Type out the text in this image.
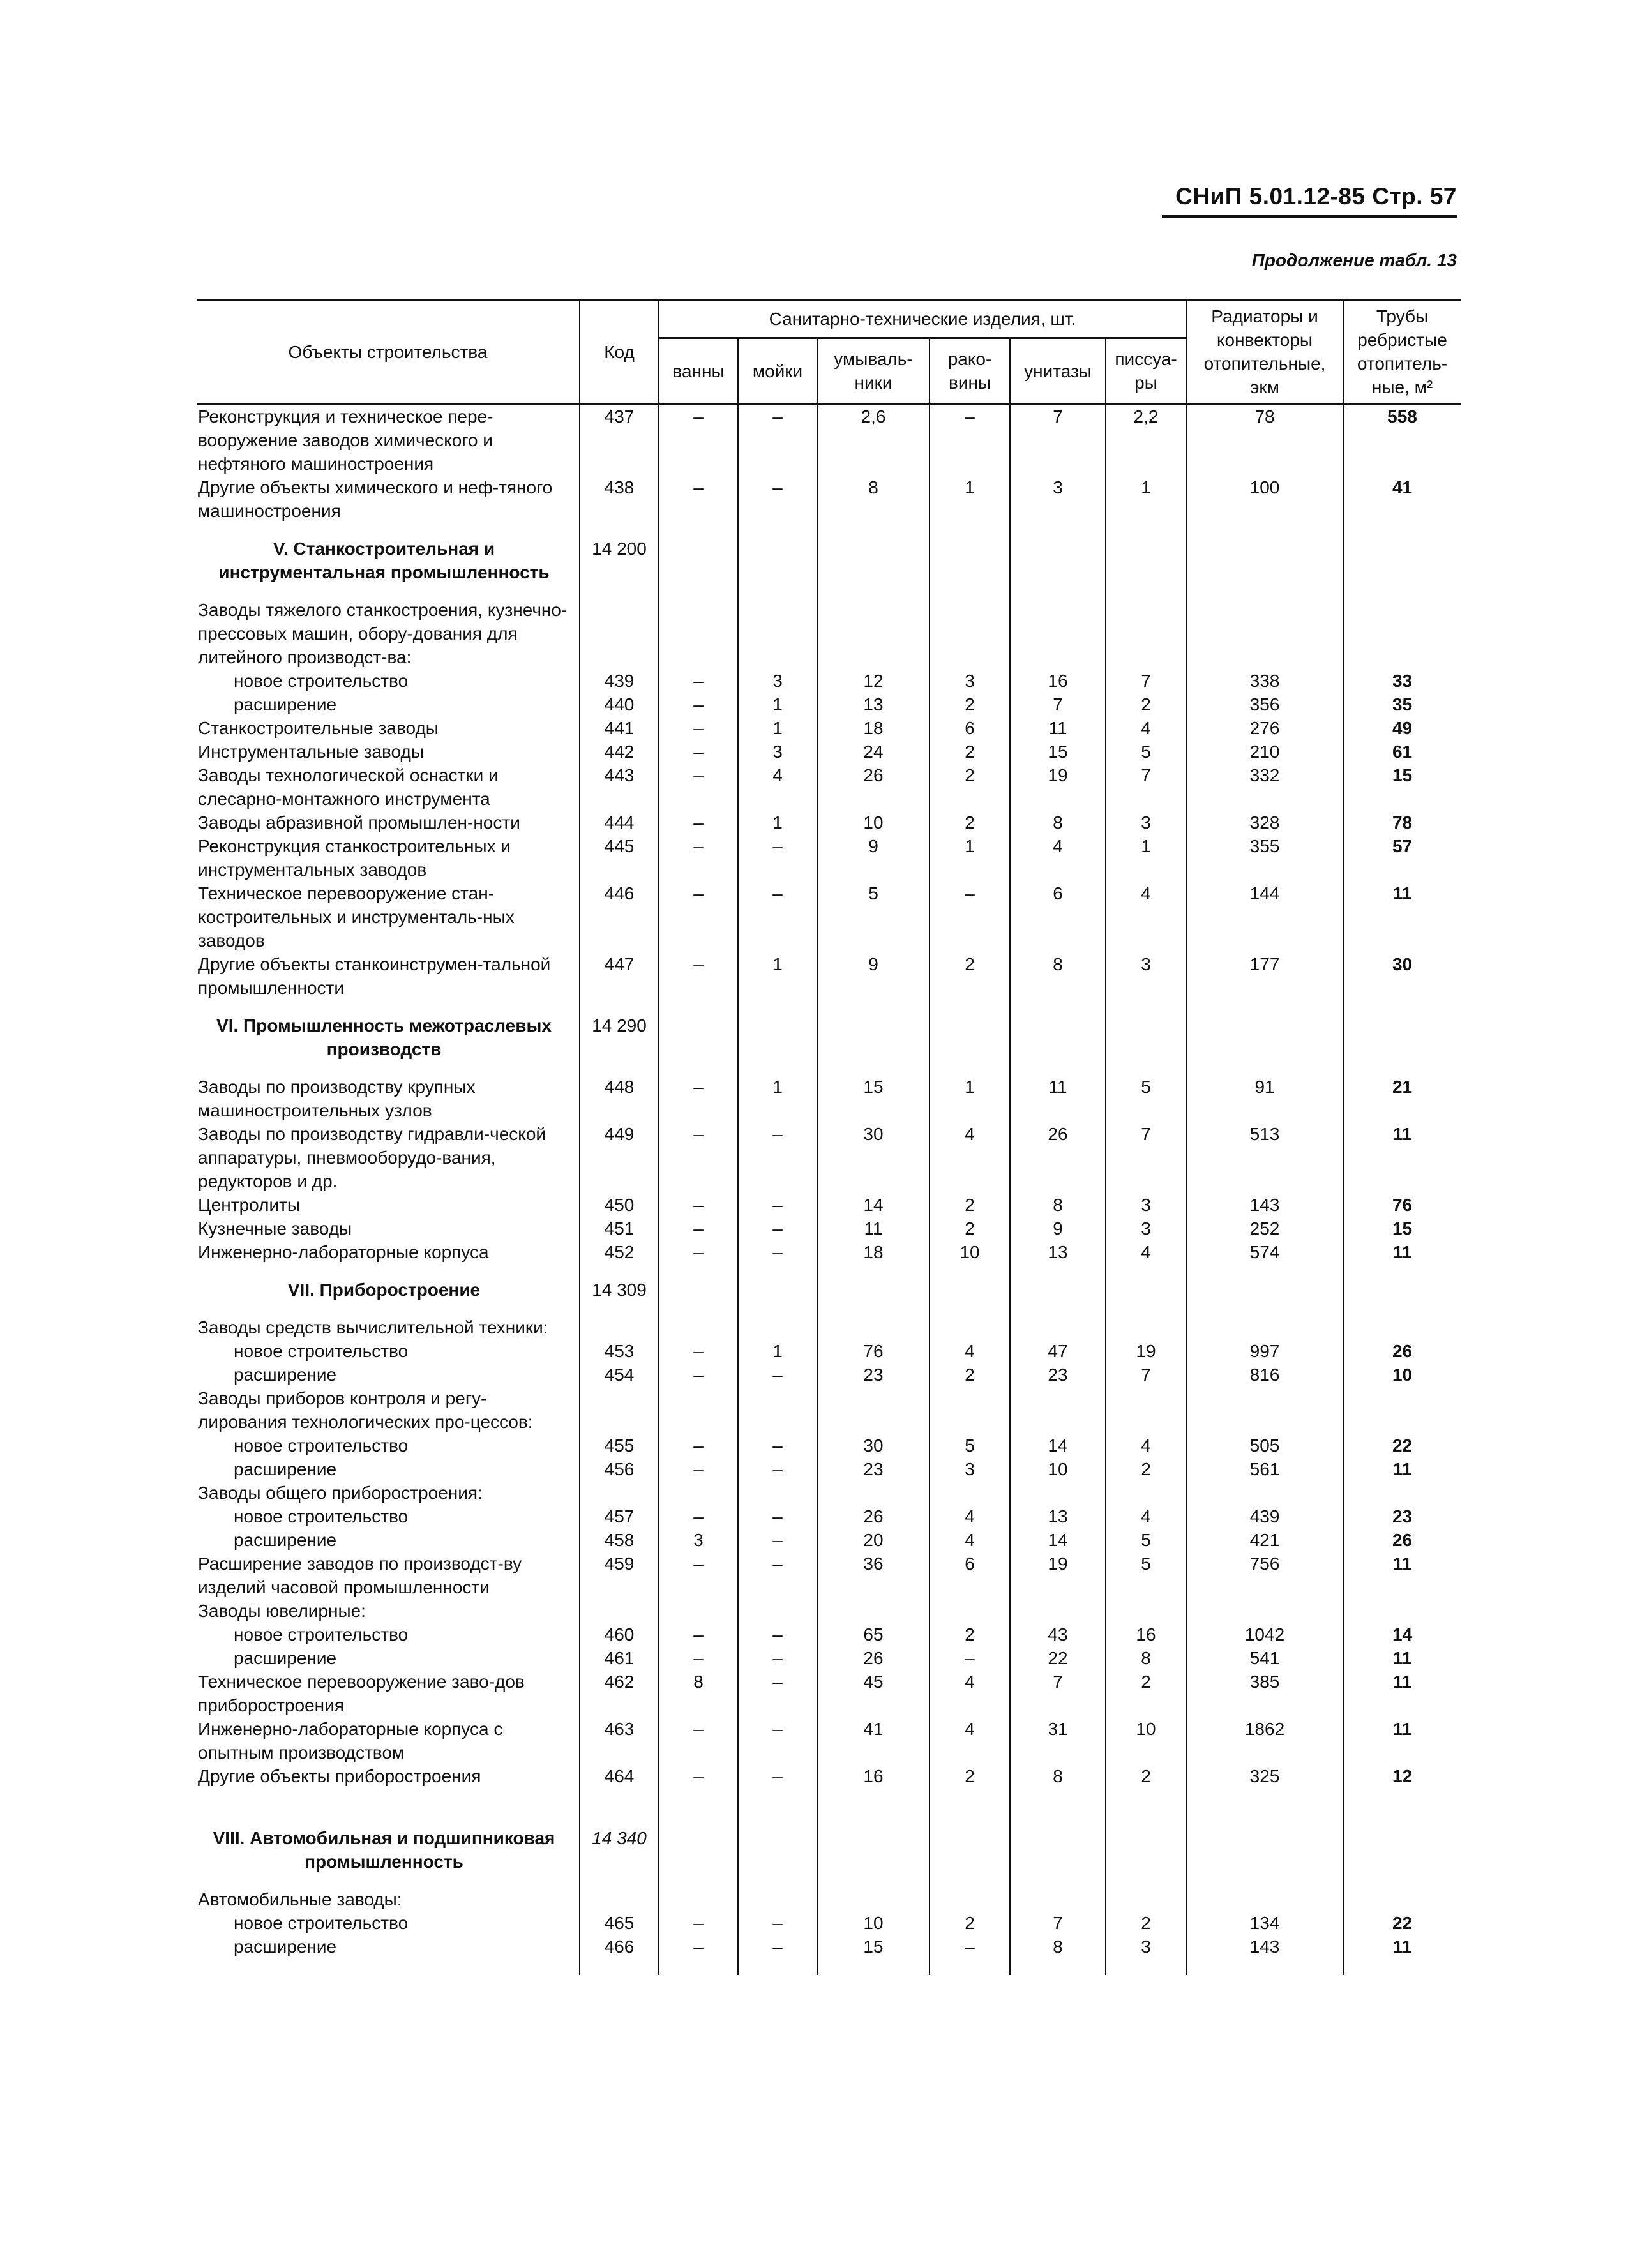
СНиП 5.01.12-85 Стр. 57
Продолжение табл. 13
Объекты строительства	Код	Санитарно-технические изделия, шт.						Радиаторы и конвекторы отопительные, экм	Трубы ребристые отопитель-ные, м²
		ванны	мойки	умываль-ники	рако-вины	унитазы	писсуа-ры		
Реконструкция и техническое пере-вооружение заводов химического и нефтяного машиностроения	437	–	–	2,6	–	7	2,2	78	558
Другие объекты химического и неф-тяного машиностроения	438	–	–	8	1	3	1	100	41
V. Станкостроительная и инструментальная промышленность	14 200								
Заводы тяжелого станкостроения, кузнечно-прессовых машин, обору-дования для литейного производст-ва:									
новое строительство	439	–	3	12	3	16	7	338	33
расширение	440	–	1	13	2	7	2	356	35
Станкостроительные заводы	441	–	1	18	6	11	4	276	49
Инструментальные заводы	442	–	3	24	2	15	5	210	61
Заводы технологической оснастки и слесарно-монтажного инструмента	443	–	4	26	2	19	7	332	15
Заводы абразивной промышлен-ности	444	–	1	10	2	8	3	328	78
Реконструкция станкостроительных и инструментальных заводов	445	–	–	9	1	4	1	355	57
Техническое перевооружение стан-костроительных и инструменталь-ных заводов	446	–	–	5	–	6	4	144	11
Другие объекты станкоинструмен-тальной промышленности	447	–	1	9	2	8	3	177	30
VI. Промышленность межотраслевых производств	14 290								
Заводы по производству крупных машиностроительных узлов	448	–	1	15	1	11	5	91	21
Заводы по производству гидравли-ческой аппаратуры, пневмооборудо-вания, редукторов и др.	449	–	–	30	4	26	7	513	11
Центролиты	450	–	–	14	2	8	3	143	76
Кузнечные заводы	451	–	–	11	2	9	3	252	15
Инженерно-лабораторные корпуса	452	–	–	18	10	13	4	574	11
VII. Приборостроение	14 309								
Заводы средств вычислительной техники:									
новое строительство	453	–	1	76	4	47	19	997	26
расширение	454	–	–	23	2	23	7	816	10
Заводы приборов контроля и регу-лирования технологических про-цессов:									
новое строительство	455	–	–	30	5	14	4	505	22
расширение	456	–	–	23	3	10	2	561	11
Заводы общего приборостроения:									
новое строительство	457	–	–	26	4	13	4	439	23
расширение	458	3	–	20	4	14	5	421	26
Расширение заводов по производст-ву изделий часовой промышленности	459	–	–	36	6	19	5	756	11
Заводы ювелирные:									
новое строительство	460	–	–	65	2	43	16	1042	14
расширение	461	–	–	26	–	22	8	541	11
Техническое перевооружение заво-дов приборостроения	462	8	–	45	4	7	2	385	11
Инженерно-лабораторные корпуса с опытным производством	463	–	–	41	4	31	10	1862	11
Другие объекты приборостроения	464	–	–	16	2	8	2	325	12
VIII. Автомобильная и подшипниковая промышленность	14 340								
Автомобильные заводы:									
новое строительство	465	–	–	10	2	7	2	134	22
расширение	466	–	–	15	–	8	3	143	11
